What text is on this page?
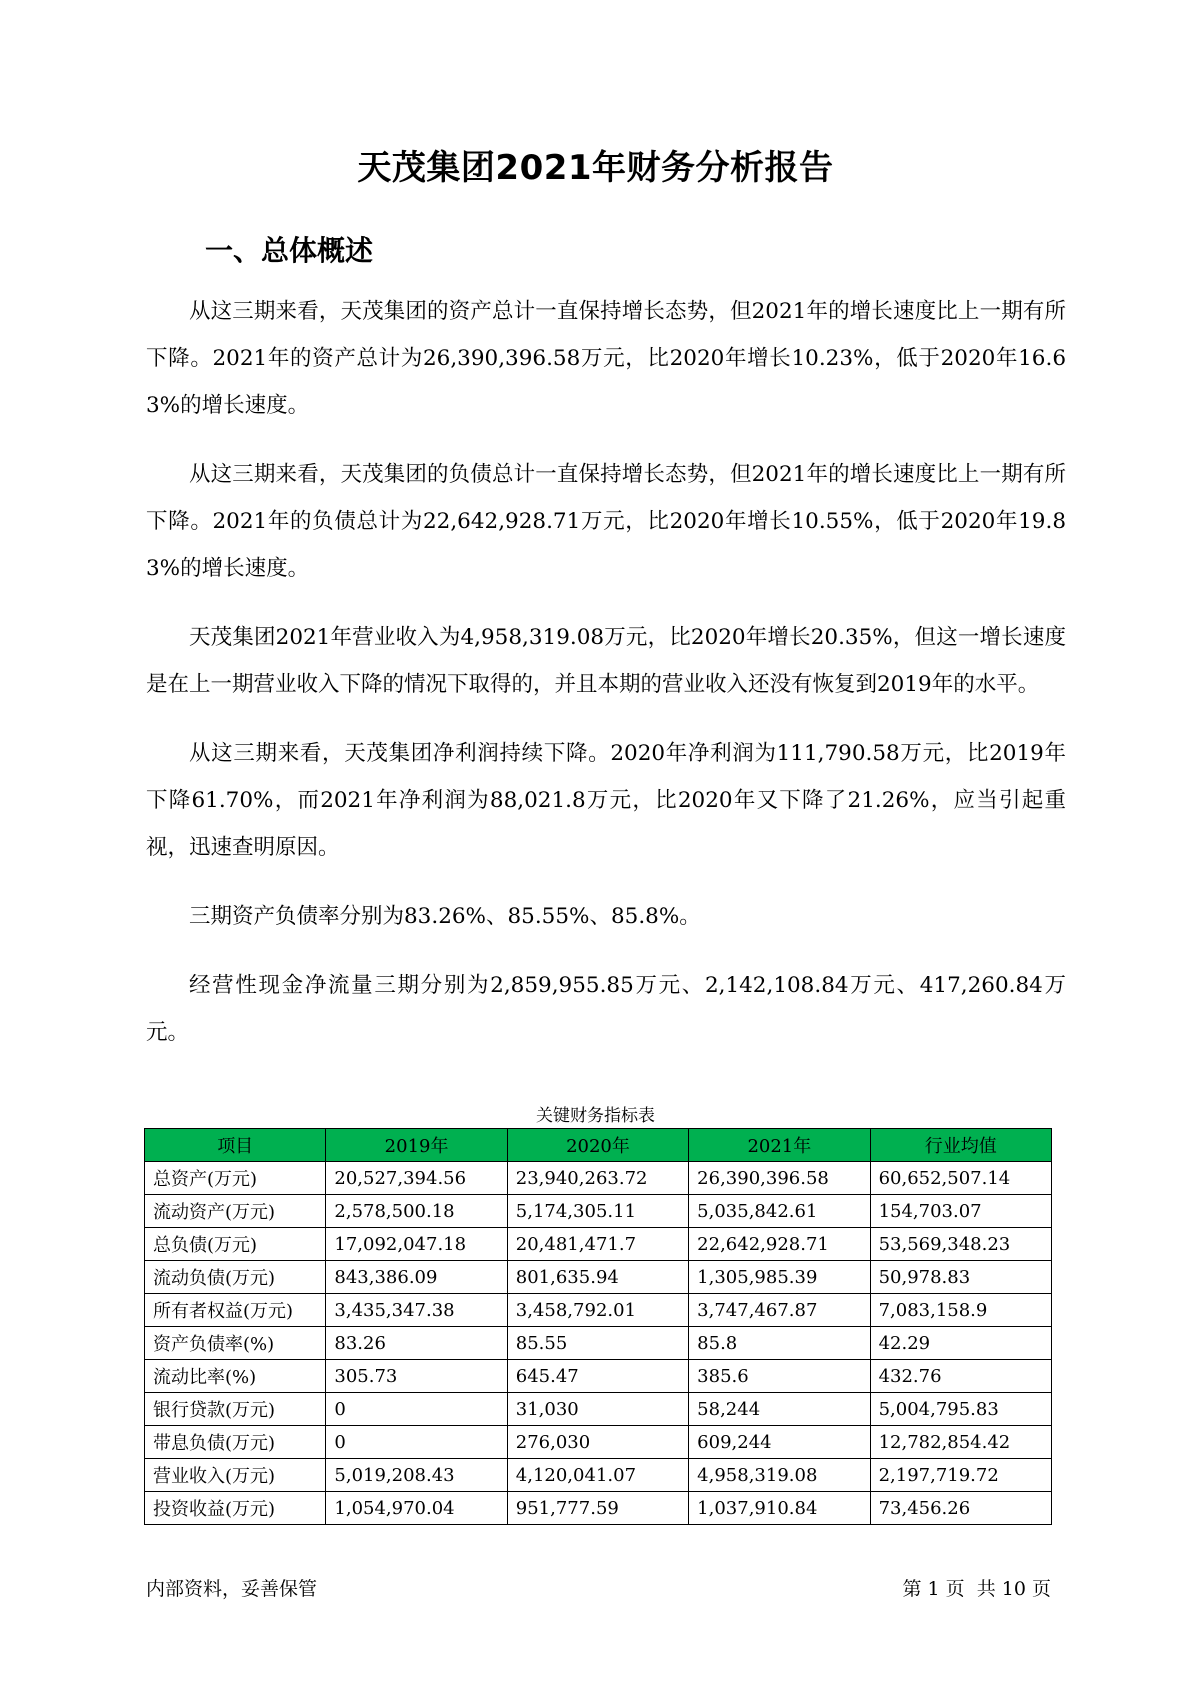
天茂集团2021年财务分析报告
一、总体概述

从这三期来看，天茂集团的资产总计一直保持增长态势，但2021年的增长速度比上一期有所下降。2021年的资产总计为26,390,396.58万元，比2020年增长10.23%，低于2020年16.63%的增长速度。

从这三期来看，天茂集团的负债总计一直保持增长态势，但2021年的增长速度比上一期有所下降。2021年的负债总计为22,642,928.71万元，比2020年增长10.55%，低于2020年19.83%的增长速度。

天茂集团2021年营业收入为4,958,319.08万元，比2020年增长20.35%，但这一增长速度是在上一期营业收入下降的情况下取得的，并且本期的营业收入还没有恢复到2019年的水平。

从这三期来看，天茂集团净利润持续下降。2020年净利润为111,790.58万元，比2019年下降61.70%，而2021年净利润为88,021.8万元，比2020年又下降了21.26%，应当引起重视，迅速查明原因。

三期资产负债率分别为83.26%、85.55%、85.8%。

经营性现金净流量三期分别为2,859,955.85万元、2,142,108.84万元、417,260.84万元。

关键财务指标表
项目	2019年	2020年	2021年	行业均值
总资产(万元)	20,527,394.56	23,940,263.72	26,390,396.58	60,652,507.14
流动资产(万元)	2,578,500.18	5,174,305.11	5,035,842.61	154,703.07
总负债(万元)	17,092,047.18	20,481,471.7	22,642,928.71	53,569,348.23
流动负债(万元)	843,386.09	801,635.94	1,305,985.39	50,978.83
所有者权益(万元)	3,435,347.38	3,458,792.01	3,747,467.87	7,083,158.9
资产负债率(%)	83.26	85.55	85.8	42.29
流动比率(%)	305.73	645.47	385.6	432.76
银行贷款(万元)	0	31,030	58,244	5,004,795.83
带息负债(万元)	0	276,030	609,244	12,782,854.42
营业收入(万元)	5,019,208.43	4,120,041.07	4,958,319.08	2,197,719.72
投资收益(万元)	1,054,970.04	951,777.59	1,037,910.84	73,456.26
内部资料，妥善保管	第 1 页  共 10 页
